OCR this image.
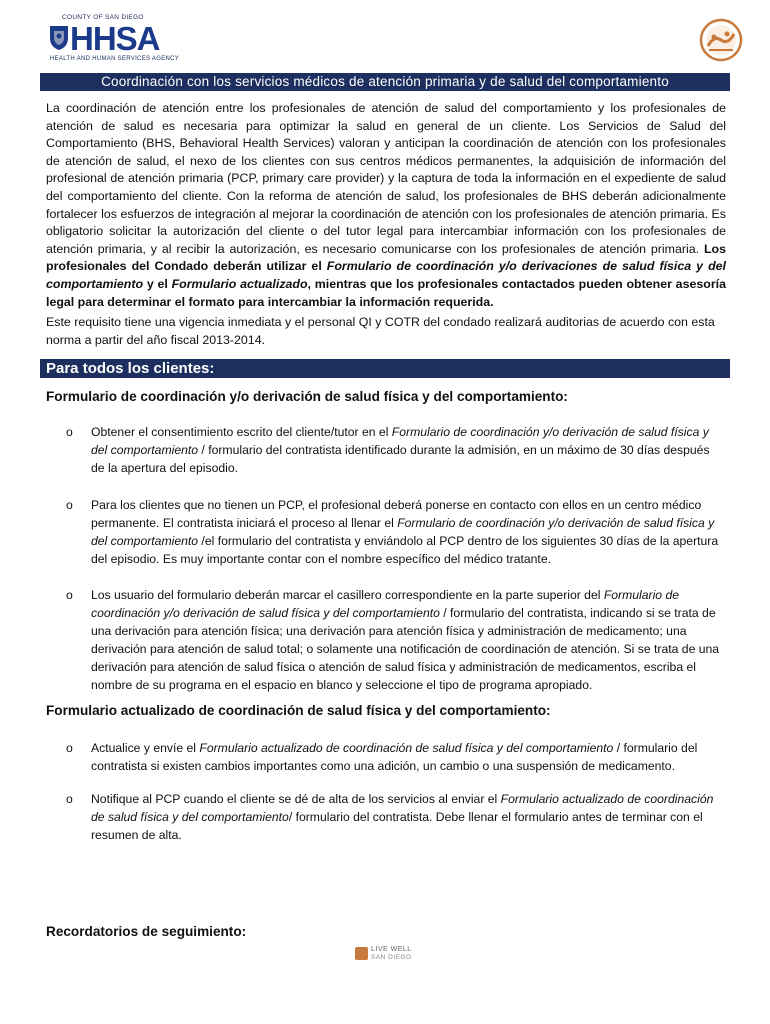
COUNTY OF SAN DIEGO
HHSA
HEALTH AND HUMAN SERVICES AGENCY
Coordinación con los servicios médicos de atención primaria y de salud del comportamiento
La coordinación de atención entre los profesionales de atención de salud del comportamiento y los profesionales de atención de salud es necesaria para optimizar la salud en general de un cliente. Los Servicios de Salud del Comportamiento (BHS, Behavioral Health Services) valoran y anticipan la coordinación de atención con los profesionales de atención de salud, el nexo de los clientes con sus centros médicos permanentes, la adquisición de información del profesional de atención primaria (PCP, primary care provider) y la captura de toda la información en el expediente de salud del comportamiento del cliente. Con la reforma de atención de salud, los profesionales de BHS deberán adicionalmente fortalecer los esfuerzos de integración al mejorar la coordinación de atención con los profesionales de atención primaria. Es obligatorio solicitar la autorización del cliente o del tutor legal para intercambiar información con los profesionales de atención primaria, y al recibir la autorización, es necesario comunicarse con los profesionales de atención primaria. Los profesionales del Condado deberán utilizar el Formulario de coordinación y/o derivaciones de salud física y del comportamiento y el Formulario actualizado, mientras que los profesionales contactados pueden obtener asesoría legal para determinar el formato para intercambiar la información requerida.
Este requisito tiene una vigencia inmediata y el personal QI y COTR del condado realizará auditorias de acuerdo con esta norma a partir del año fiscal 2013-2014.
Para todos los clientes:
Formulario de coordinación y/o derivación de salud física y del comportamiento:
o	Obtener el consentimiento escrito del cliente/tutor en el Formulario de coordinación y/o derivación de salud física y del comportamiento / formulario del contratista identificado durante la admisión, en un máximo de 30 días después de la apertura del episodio.
o	Para los clientes que no tienen un PCP, el profesional deberá ponerse en contacto con ellos en un centro médico permanente. El contratista iniciará el proceso al llenar el Formulario de coordinación y/o derivación de salud física y del comportamiento /el formulario del contratista y enviándolo al PCP dentro de los siguientes 30 días de la apertura del episodio. Es muy importante contar con el nombre específico del médico tratante.
o	Los usuario del formulario deberán marcar el casillero correspondiente en la parte superior del Formulario de coordinación y/o derivación de salud física y del comportamiento / formulario del contratista, indicando si se trata de una derivación para atención física; una derivación para atención física y administración de medicamento; una derivación para atención de salud total; o solamente una notificación de coordinación de atención. Si se trata de una derivación para atención de salud física o atención de salud física y administración de medicamentos, escriba el nombre de su programa en el espacio en blanco y seleccione el tipo de programa apropiado.
Formulario actualizado de coordinación de salud física y del comportamiento:
o	Actualice y envíe el Formulario actualizado de coordinación de salud física y del comportamiento / formulario del contratista si existen cambios importantes como una adición, un cambio o una suspensión de medicamento.
o	Notifique al PCP cuando el cliente se dé de alta de los servicios al enviar el Formulario actualizado de coordinación de salud física y del comportamiento/ formulario del contratista. Debe llenar el formulario antes de terminar con el resumen de alta.
Recordatorios de seguimiento:
LIVE WELL
SAN DIEGO
